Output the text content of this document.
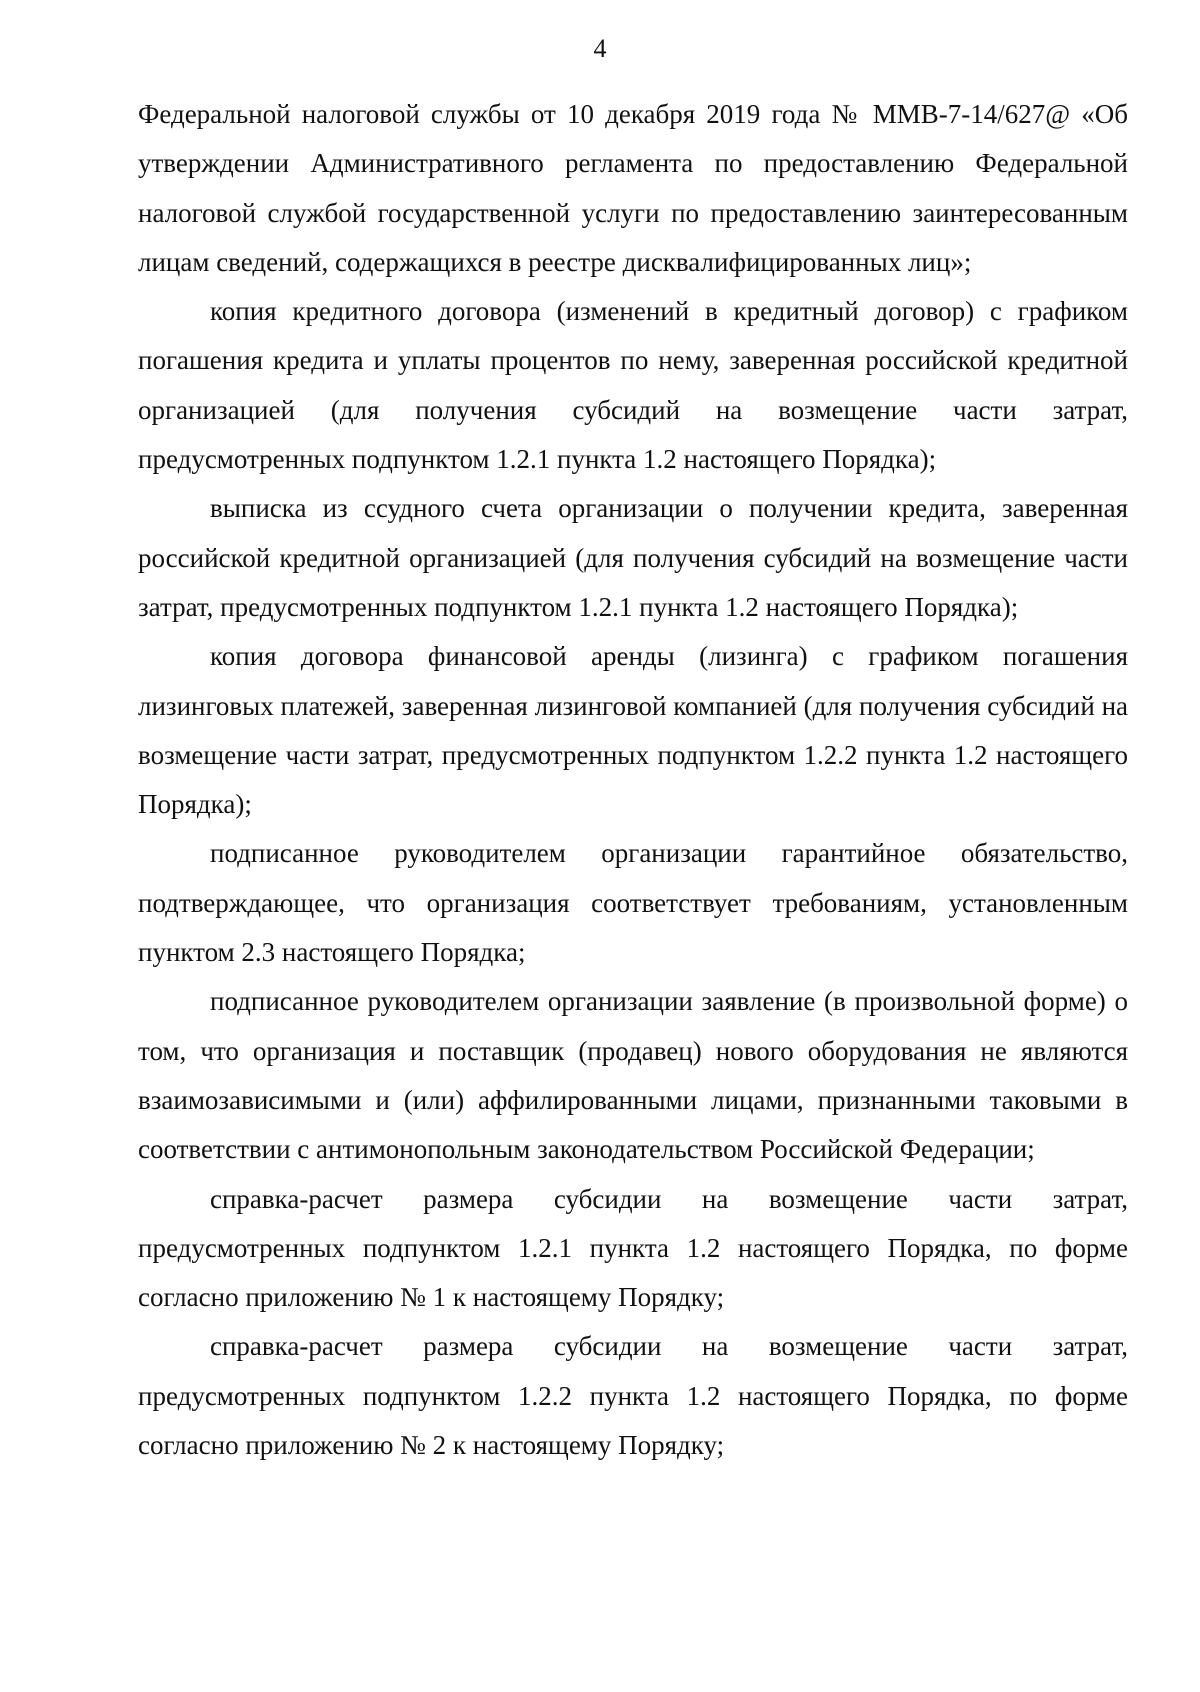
4

Федеральной налоговой службы от 10 декабря 2019 года № ММВ-7-14/627@ «Об утверждении Административного регламента по предоставлению Федеральной налоговой службой государственной услуги по предоставлению заинтересованным лицам сведений, содержащихся в реестре дисквалифицированных лиц»;

копия кредитного договора (изменений в кредитный договор) с графиком погашения кредита и уплаты процентов по нему, заверенная российской кредитной организацией (для получения субсидий на возмещение части затрат, предусмотренных подпунктом 1.2.1 пункта 1.2 настоящего Порядка);

выписка из ссудного счета организации о получении кредита, заверенная российской кредитной организацией (для получения субсидий на возмещение части затрат, предусмотренных подпунктом 1.2.1 пункта 1.2 настоящего Порядка);

копия договора финансовой аренды (лизинга) с графиком погашения лизинговых платежей, заверенная лизинговой компанией (для получения субсидий на возмещение части затрат, предусмотренных подпунктом 1.2.2 пункта 1.2 настоящего Порядка);

подписанное руководителем организации гарантийное обязательство, подтверждающее, что организация соответствует требованиям, установленным пунктом 2.3 настоящего Порядка;

подписанное руководителем организации заявление (в произвольной форме) о том, что организация и поставщик (продавец) нового оборудования не являются взаимозависимыми и (или) аффилированными лицами, признанными таковыми в соответствии с антимонопольным законодательством Российской Федерации;

справка-расчет размера субсидии на возмещение части затрат, предусмотренных подпунктом 1.2.1 пункта 1.2 настоящего Порядка, по форме согласно приложению № 1 к настоящему Порядку;

справка-расчет размера субсидии на возмещение части затрат, предусмотренных подпунктом 1.2.2 пункта 1.2 настоящего Порядка, по форме согласно приложению № 2 к настоящему Порядку;
